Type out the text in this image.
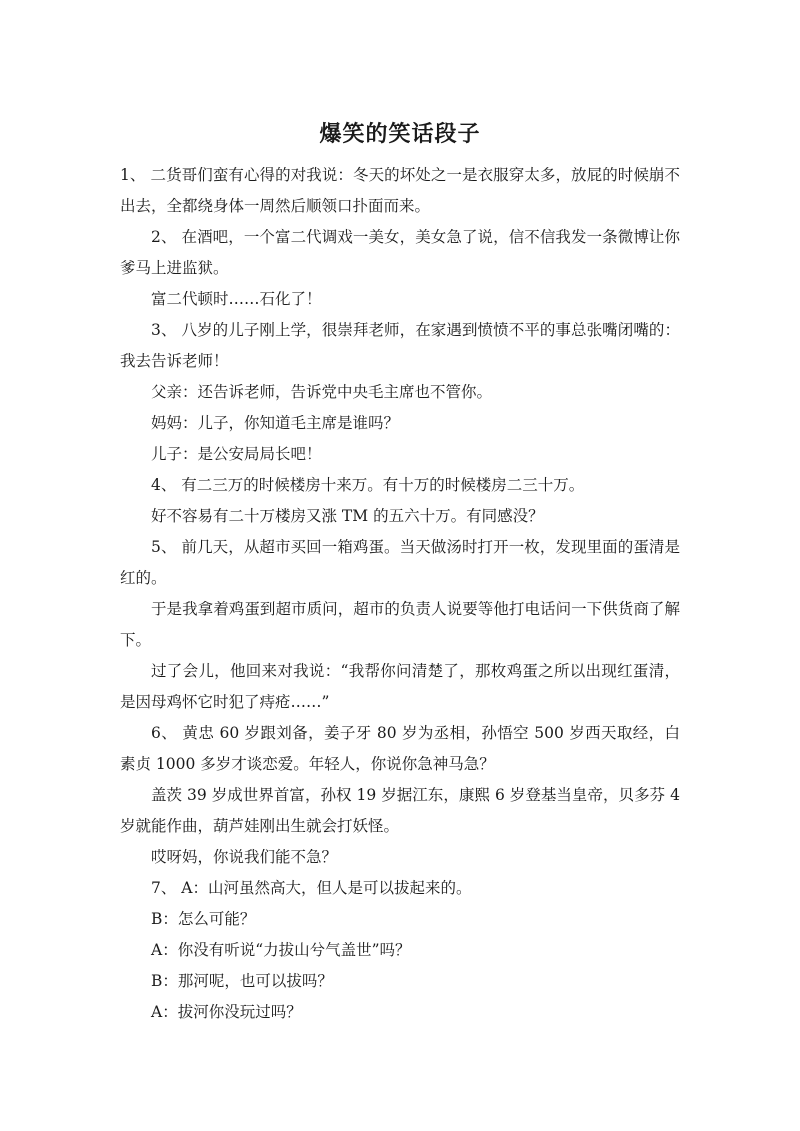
爆笑的笑话段子

1、 二货哥们蛮有心得的对我说：冬天的坏处之一是衣服穿太多，放屁的时候崩不出去，全都绕身体一周然后顺领口扑面而来。

2、 在酒吧，一个富二代调戏一美女，美女急了说，信不信我发一条微博让你爹马上进监狱。

富二代顿时……石化了！

3、 八岁的儿子刚上学，很崇拜老师，在家遇到愤愤不平的事总张嘴闭嘴的：我去告诉老师！

父亲：还告诉老师，告诉党中央毛主席也不管你。

妈妈：儿子，你知道毛主席是谁吗？

儿子：是公安局局长吧！

4、 有二三万的时候楼房十来万。有十万的时候楼房二三十万。

好不容易有二十万楼房又涨 TM 的五六十万。有同感没？

5、 前几天，从超市买回一箱鸡蛋。当天做汤时打开一枚，发现里面的蛋清是红的。

于是我拿着鸡蛋到超市质问，超市的负责人说要等他打电话问一下供货商了解下。

过了会儿，他回来对我说：“我帮你问清楚了，那枚鸡蛋之所以出现红蛋清，是因母鸡怀它时犯了痔疮……”

6、 黄忠 60 岁跟刘备，姜子牙 80 岁为丞相，孙悟空 500 岁西天取经，白素贞 1000 多岁才谈恋爱。年轻人，你说你急神马急？

盖茨 39 岁成世界首富，孙权 19 岁据江东，康熙 6 岁登基当皇帝，贝多芬 4 岁就能作曲，葫芦娃刚出生就会打妖怪。

哎呀妈，你说我们能不急？

7、 A：山河虽然高大，但人是可以拔起来的。

B：怎么可能？

A：你没有听说“力拔山兮气盖世”吗？

B：那河呢，也可以拔吗？

A：拔河你没玩过吗？
